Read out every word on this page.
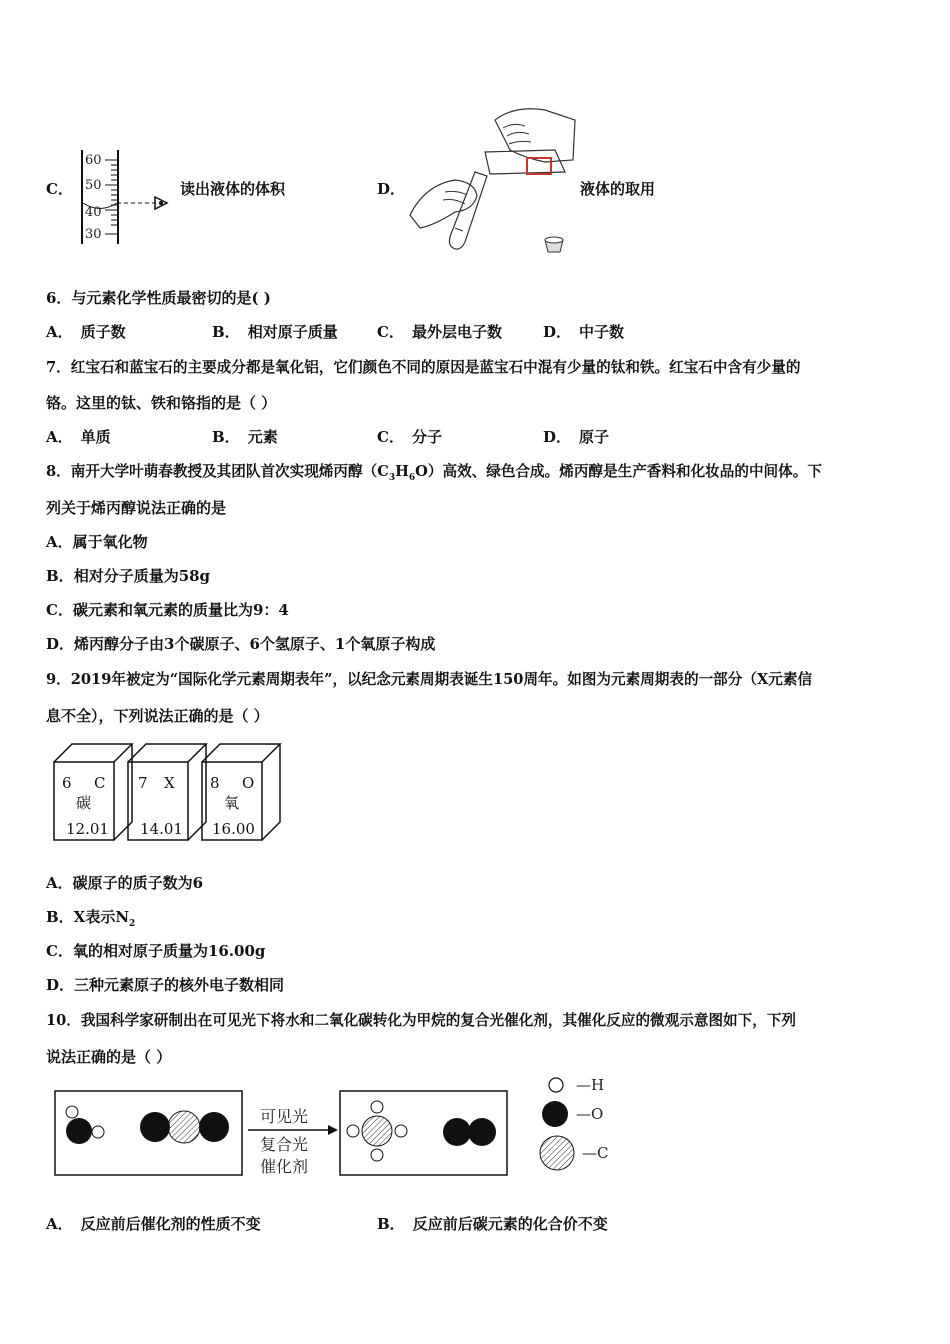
C．
60
50
40
30
读出液体的体积	D．	液体的取用
6．与元素化学性质最密切的是( )
A． 质子数	B． 相对原子质量	C． 最外层电子数	D． 中子数
7．红宝石和蓝宝石的主要成分都是氧化铝，它们颜色不同的原因是蓝宝石中混有少量的钛和铁。红宝石中含有少量的
铬。这里的钛、铁和铬指的是（ ）
A． 单质	B． 元素	C． 分子	D． 原子
8．南开大学叶萌春教授及其团队首次实现烯丙醇$(C_3H_6O)$高效、绿色合成。烯丙醇是生产香料和化妆品的中间体。下
列关于烯丙醇说法正确的是
A．属于氧化物
B．相对分子质量为58g
C．碳元素和氧元素的质量比为9：4
D．烯丙醇分子由3个碳原子、6个氢原子、1个氧原子构成
9．2019年被定为“国际化学元素周期表年”，以纪念元素周期表诞生150周年。如图为元素周期表的一部分（X元素信
息不全），下列说法正确的是（ ）
6 C
碳
12.01
7 X
14.01
8 O
氧
16.00
A．碳原子的质子数为6
B．X表示$N_2$
C．氧的相对原子质量为16.00g
D．三种元素原子的核外电子数相同
10．我国科学家研制出在可见光下将水和二氧化碳转化为甲烷的复合光催化剂，其催化反应的微观示意图如下，下列
说法正确的是（ ）
可见光
复合光
催化剂
—H
—O
—C
A． 反应前后催化剂的性质不变	B． 反应前后碳元素的化合价不变
